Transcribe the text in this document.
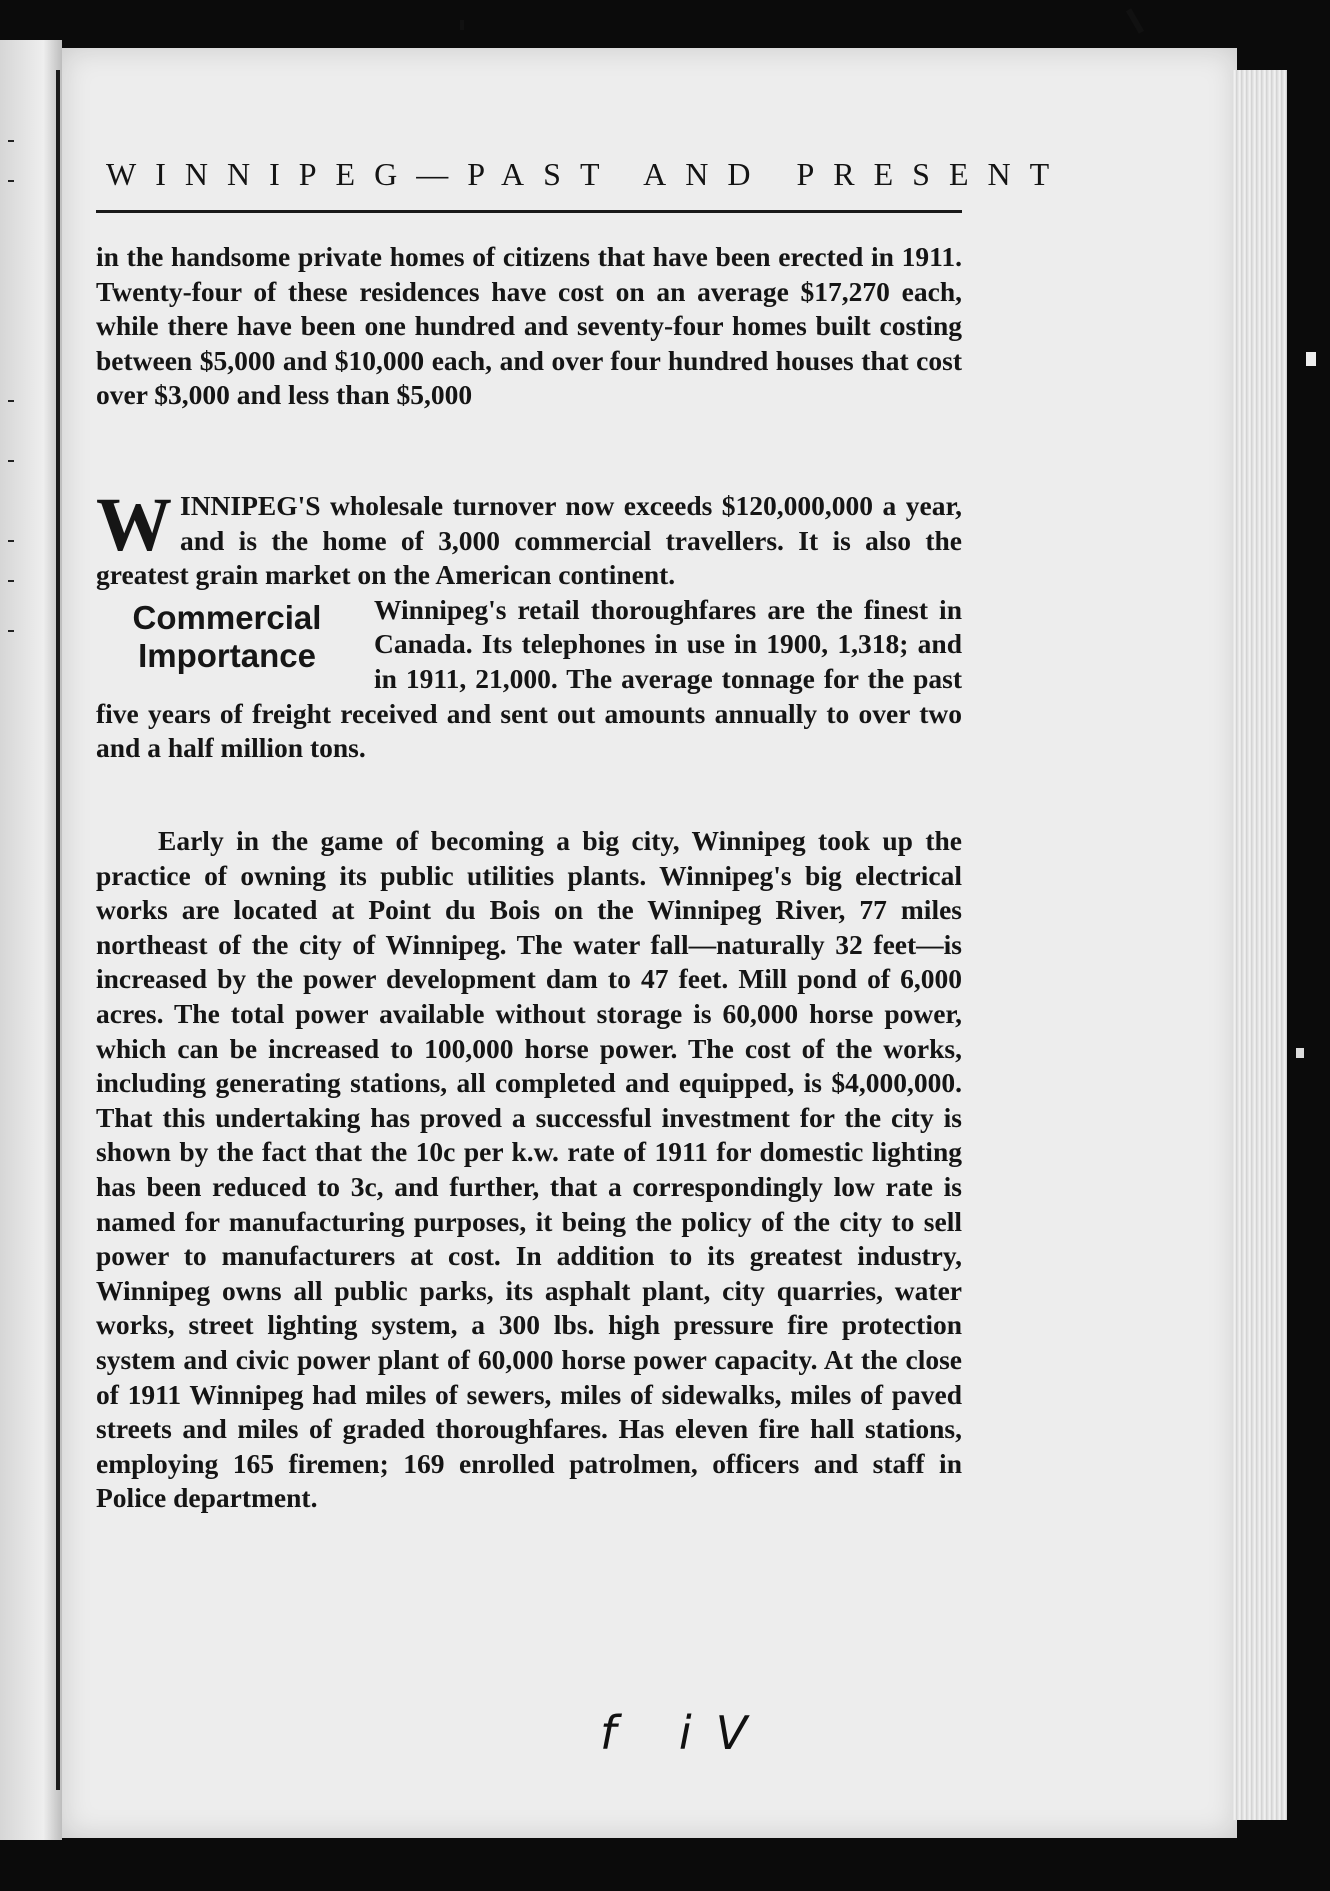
WINNIPEG—PAST AND PRESENT
in the handsome private homes of citizens that have been erected in 1911. Twenty-four of these residences have cost on an average $17,270 each, while there have been one hundred and seventy-four homes built costing between $5,000 and $10,000 each, and over four hundred houses that cost over $3,000 and less than $5,000
W INNIPEG'S wholesale turnover now exceeds $120,000,000 a year, and is the home of 3,000 commercial travellers. It is also the greatest grain market on the American continent.
Commercial
Importance
Winnipeg's retail thoroughfares are the finest in Canada. Its telephones in use in 1900, 1,318; and in 1911, 21,000. The average tonnage for the past five years of freight received and sent out amounts annually to over two and a half million tons.
Early in the game of becoming a big city, Winnipeg took up the practice of owning its public utilities plants. Winnipeg's big electrical works are located at Point du Bois on the Winnipeg River, 77 miles northeast of the city of Winnipeg. The water fall—naturally 32 feet—is increased by the power development dam to 47 feet. Mill pond of 6,000 acres. The total power available without storage is 60,000 horse power, which can be increased to 100,000 horse power. The cost of the works, including generating stations, all completed and equipped, is $4,000,000. That this undertaking has proved a successful investment for the city is shown by the fact that the 10c per k.w. rate of 1911 for domestic lighting has been reduced to 3c, and further, that a correspondingly low rate is named for manufacturing purposes, it being the policy of the city to sell power to manufacturers at cost. In addition to its greatest industry, Winnipeg owns all public parks, its asphalt plant, city quarries, water works, street lighting system, a 300 lbs. high pressure fire protection system and civic power plant of 60,000 horse power capacity. At the close of 1911 Winnipeg had miles of sewers, miles of sidewalks, miles of paved streets and miles of graded thoroughfares. Has eleven fire hall stations, employing 165 firemen; 169 enrolled patrolmen, officers and staff in Police department.
f iV
